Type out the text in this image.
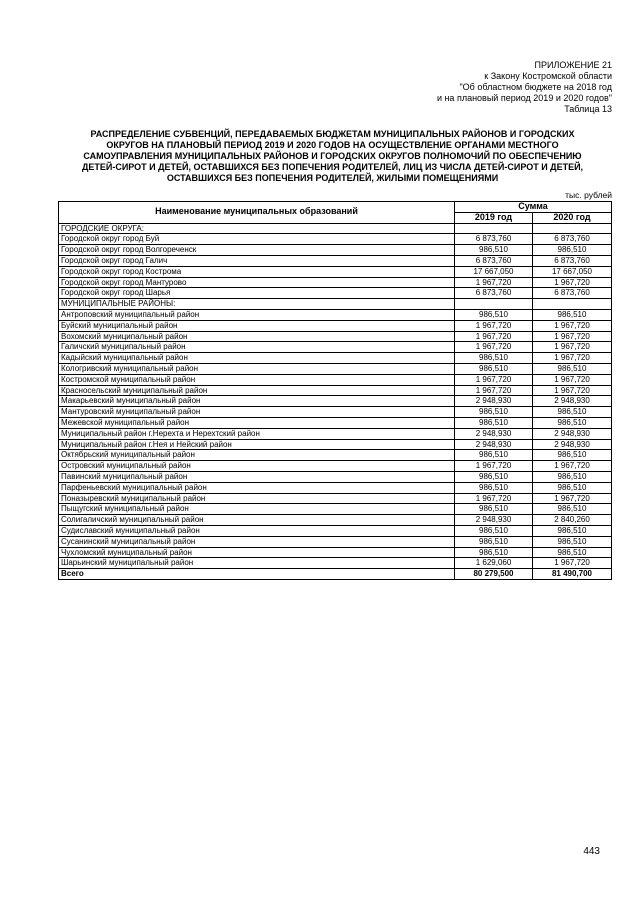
ПРИЛОЖЕНИЕ 21
к Закону Костромской области
"Об областном бюджете на 2018 год
и на плановый период 2019 и 2020 годов"
Таблица 13
РАСПРЕДЕЛЕНИЕ СУБВЕНЦИЙ, ПЕРЕДАВАЕМЫХ БЮДЖЕТАМ МУНИЦИПАЛЬНЫХ РАЙОНОВ И ГОРОДСКИХ
ОКРУГОВ НА ПЛАНОВЫЙ ПЕРИОД 2019 И 2020 ГОДОВ НА ОСУЩЕСТВЛЕНИЕ ОРГАНАМИ МЕСТНОГО
САМОУПРАВЛЕНИЯ МУНИЦИПАЛЬНЫХ РАЙОНОВ И ГОРОДСКИХ ОКРУГОВ ПОЛНОМОЧИЙ ПО ОБЕСПЕЧЕНИЮ
ДЕТЕЙ-СИРОТ И ДЕТЕЙ, ОСТАВШИХСЯ БЕЗ ПОПЕЧЕНИЯ РОДИТЕЛЕЙ, ЛИЦ ИЗ ЧИСЛА ДЕТЕЙ-СИРОТ И ДЕТЕЙ,
ОСТАВШИХСЯ БЕЗ ПОПЕЧЕНИЯ РОДИТЕЛЕЙ, ЖИЛЫМИ ПОМЕЩЕНИЯМИ
тыс. рублей
Наименование муниципальных образований	Сумма	
	2019 год	2020 год
ГОРОДСКИЕ ОКРУГА:		
Городской округ город Буй	6 873,760	6 873,760
Городской округ город Волгореченск	986,510	986,510
Городской округ город Галич	6 873,760	6 873,760
Городской округ город Кострома	17 667,050	17 667,050
Городской округ город Мантурово	1 967,720	1 967,720
Городской округ город Шарья	6 873,760	6 873,760
МУНИЦИПАЛЬНЫЕ РАЙОНЫ:		
Антроповский муниципальный район	986,510	986,510
Буйский муниципальный район	1 967,720	1 967,720
Вохомский муниципальный район	1 967,720	1 967,720
Галичский муниципальный район	1 967,720	1 967,720
Кадыйский муниципальный район	986,510	1 967,720
Кологривский муниципальный район	986,510	986,510
Костромской муниципальный район	1 967,720	1 967,720
Красносельский муниципальный район	1 967,720	1 967,720
Макарьевский муниципальный район	2 948,930	2 948,930
Мантуровский муниципальный район	986,510	986,510
Межевской муниципальный район	986,510	986,510
Муниципальный район г.Нерехта и Нерехтский район	2 948,930	2 948,930
Муниципальный район г.Нея и Нейский район	2 948,930	2 948,930
Октябрьский муниципальный район	986,510	986,510
Островский муниципальный район	1 967,720	1 967,720
Павинский муниципальный район	986,510	986,510
Парфеньевский муниципальный район	986,510	986,510
Поназыревский муниципальный район	1 967,720	1 967,720
Пыщугский муниципальный район	986,510	986,510
Солигаличский муниципальный район	2 948,930	2 840,260
Судиславский муниципальный район	986,510	986,510
Сусанинский муниципальный район	986,510	986,510
Чухломский муниципальный район	986,510	986,510
Шарьинский муниципальный район	1 629,060	1 967,720
Всего	80 279,500	81 490,700
443
